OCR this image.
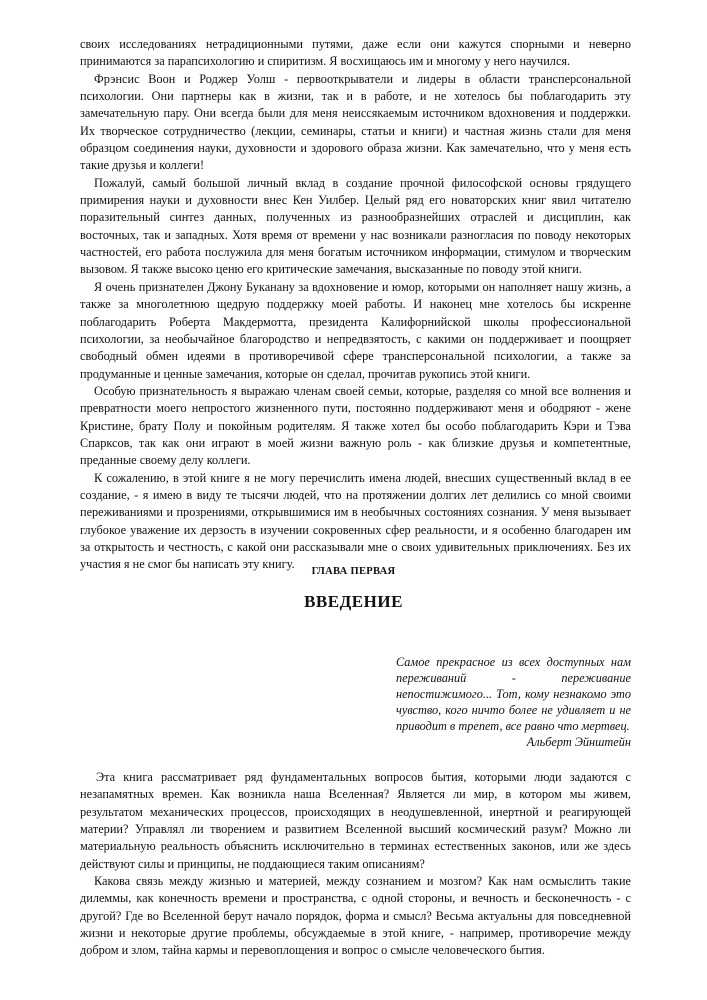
своих исследованиях нетрадиционными путями, даже если они кажутся спорными и неверно принимаются за парапсихологию и спиритизм. Я восхищаюсь им и многому у него научился.

Фрэнсис Воон и Роджер Уолш - первооткрыватели и лидеры в области трансперсональной психологии. Они партнеры как в жизни, так и в работе, и не хотелось бы поблагодарить эту замечательную пару. Они всегда были для меня неиссякаемым источником вдохновения и поддержки. Их творческое сотрудничество (лекции, семинары, статьи и книги) и частная жизнь стали для меня образцом соединения науки, духовности и здорового образа жизни. Как замечательно, что у меня есть такие друзья и коллеги!

Пожалуй, самый большой личный вклад в создание прочной философской основы грядущего примирения науки и духовности внес Кен Уилбер. Целый ряд его новаторских книг явил читателю поразительный синтез данных, полученных из разнообразнейших отраслей и дисциплин, как восточных, так и западных. Хотя время от времени у нас возникали разногласия по поводу некоторых частностей, его работа послужила для меня богатым источником информации, стимулом и творческим вызовом. Я также высоко ценю его критические замечания, высказанные по поводу этой книги.

Я очень признателен Джону Буканану за вдохновение и юмор, которыми он наполняет нашу жизнь, а также за многолетнюю щедрую поддержку моей работы. И наконец мне хотелось бы искренне поблагодарить Роберта Макдермотта, президента Калифорнийской школы профессиональной психологии, за необычайное благородство и непредвзятость, с какими он поддерживает и поощряет свободный обмен идеями в противоречивой сфере трансперсональной психологии, а также за продуманные и ценные замечания, которые он сделал, прочитав рукопись этой книги.

Особую признательность я выражаю членам своей семьи, которые, разделяя со мной все волнения и превратности моего непростого жизненного пути, постоянно поддерживают меня и ободряют - жене Кристине, брату Полу и покойным родителям. Я также хотел бы особо поблагодарить Кэри и Тэва Спарксов, так как они играют в моей жизни важную роль - как близкие друзья и компетентные, преданные своему делу коллеги.

К сожалению, в этой книге я не могу перечислить имена людей, внесших существенный вклад в ее создание, - я имею в виду те тысячи людей, что на протяжении долгих лет делились со мной своими переживаниями и прозрениями, открывшимися им в необычных состояниях сознания. У меня вызывает глубокое уважение их дерзость в изучении сокровенных сфер реальности, и я особенно благодарен им за открытость и честность, с какой они рассказывали мне о своих удивительных приключениях. Без их участия я не смог бы написать эту книгу.

ГЛАВА ПЕРВАЯ
ВВЕДЕНИЕ
Самое прекрасное из всех доступных нам переживаний - переживание непостижимого... Тот, кому незнакомо это чувство, кого ничто более не удивляет и не приводит в трепет, все равно что мертвец.
Альберт Эйнштейн

Эта книга рассматривает ряд фундаментальных вопросов бытия, которыми люди задаются с незапамятных времен. Как возникла наша Вселенная? Является ли мир, в котором мы живем, результатом механических процессов, происходящих в неодушевленной, инертной и реагирующей материи? Управлял ли творением и развитием Вселенной высший космический разум? Можно ли материальную реальность объяснить исключительно в терминах естественных законов, или же здесь действуют силы и принципы, не поддающиеся таким описаниям?

Какова связь между жизнью и материей, между сознанием и мозгом? Как нам осмыслить такие дилеммы, как конечность времени и пространства, с одной стороны, и вечность и бесконечность - с другой? Где во Вселенной берут начало порядок, форма и смысл? Весьма актуальны для повседневной жизни и некоторые другие проблемы, обсуждаемые в этой книге, - например, противоречие между добром и злом, тайна кармы и перевоплощения и вопрос о смысле человеческого бытия.
